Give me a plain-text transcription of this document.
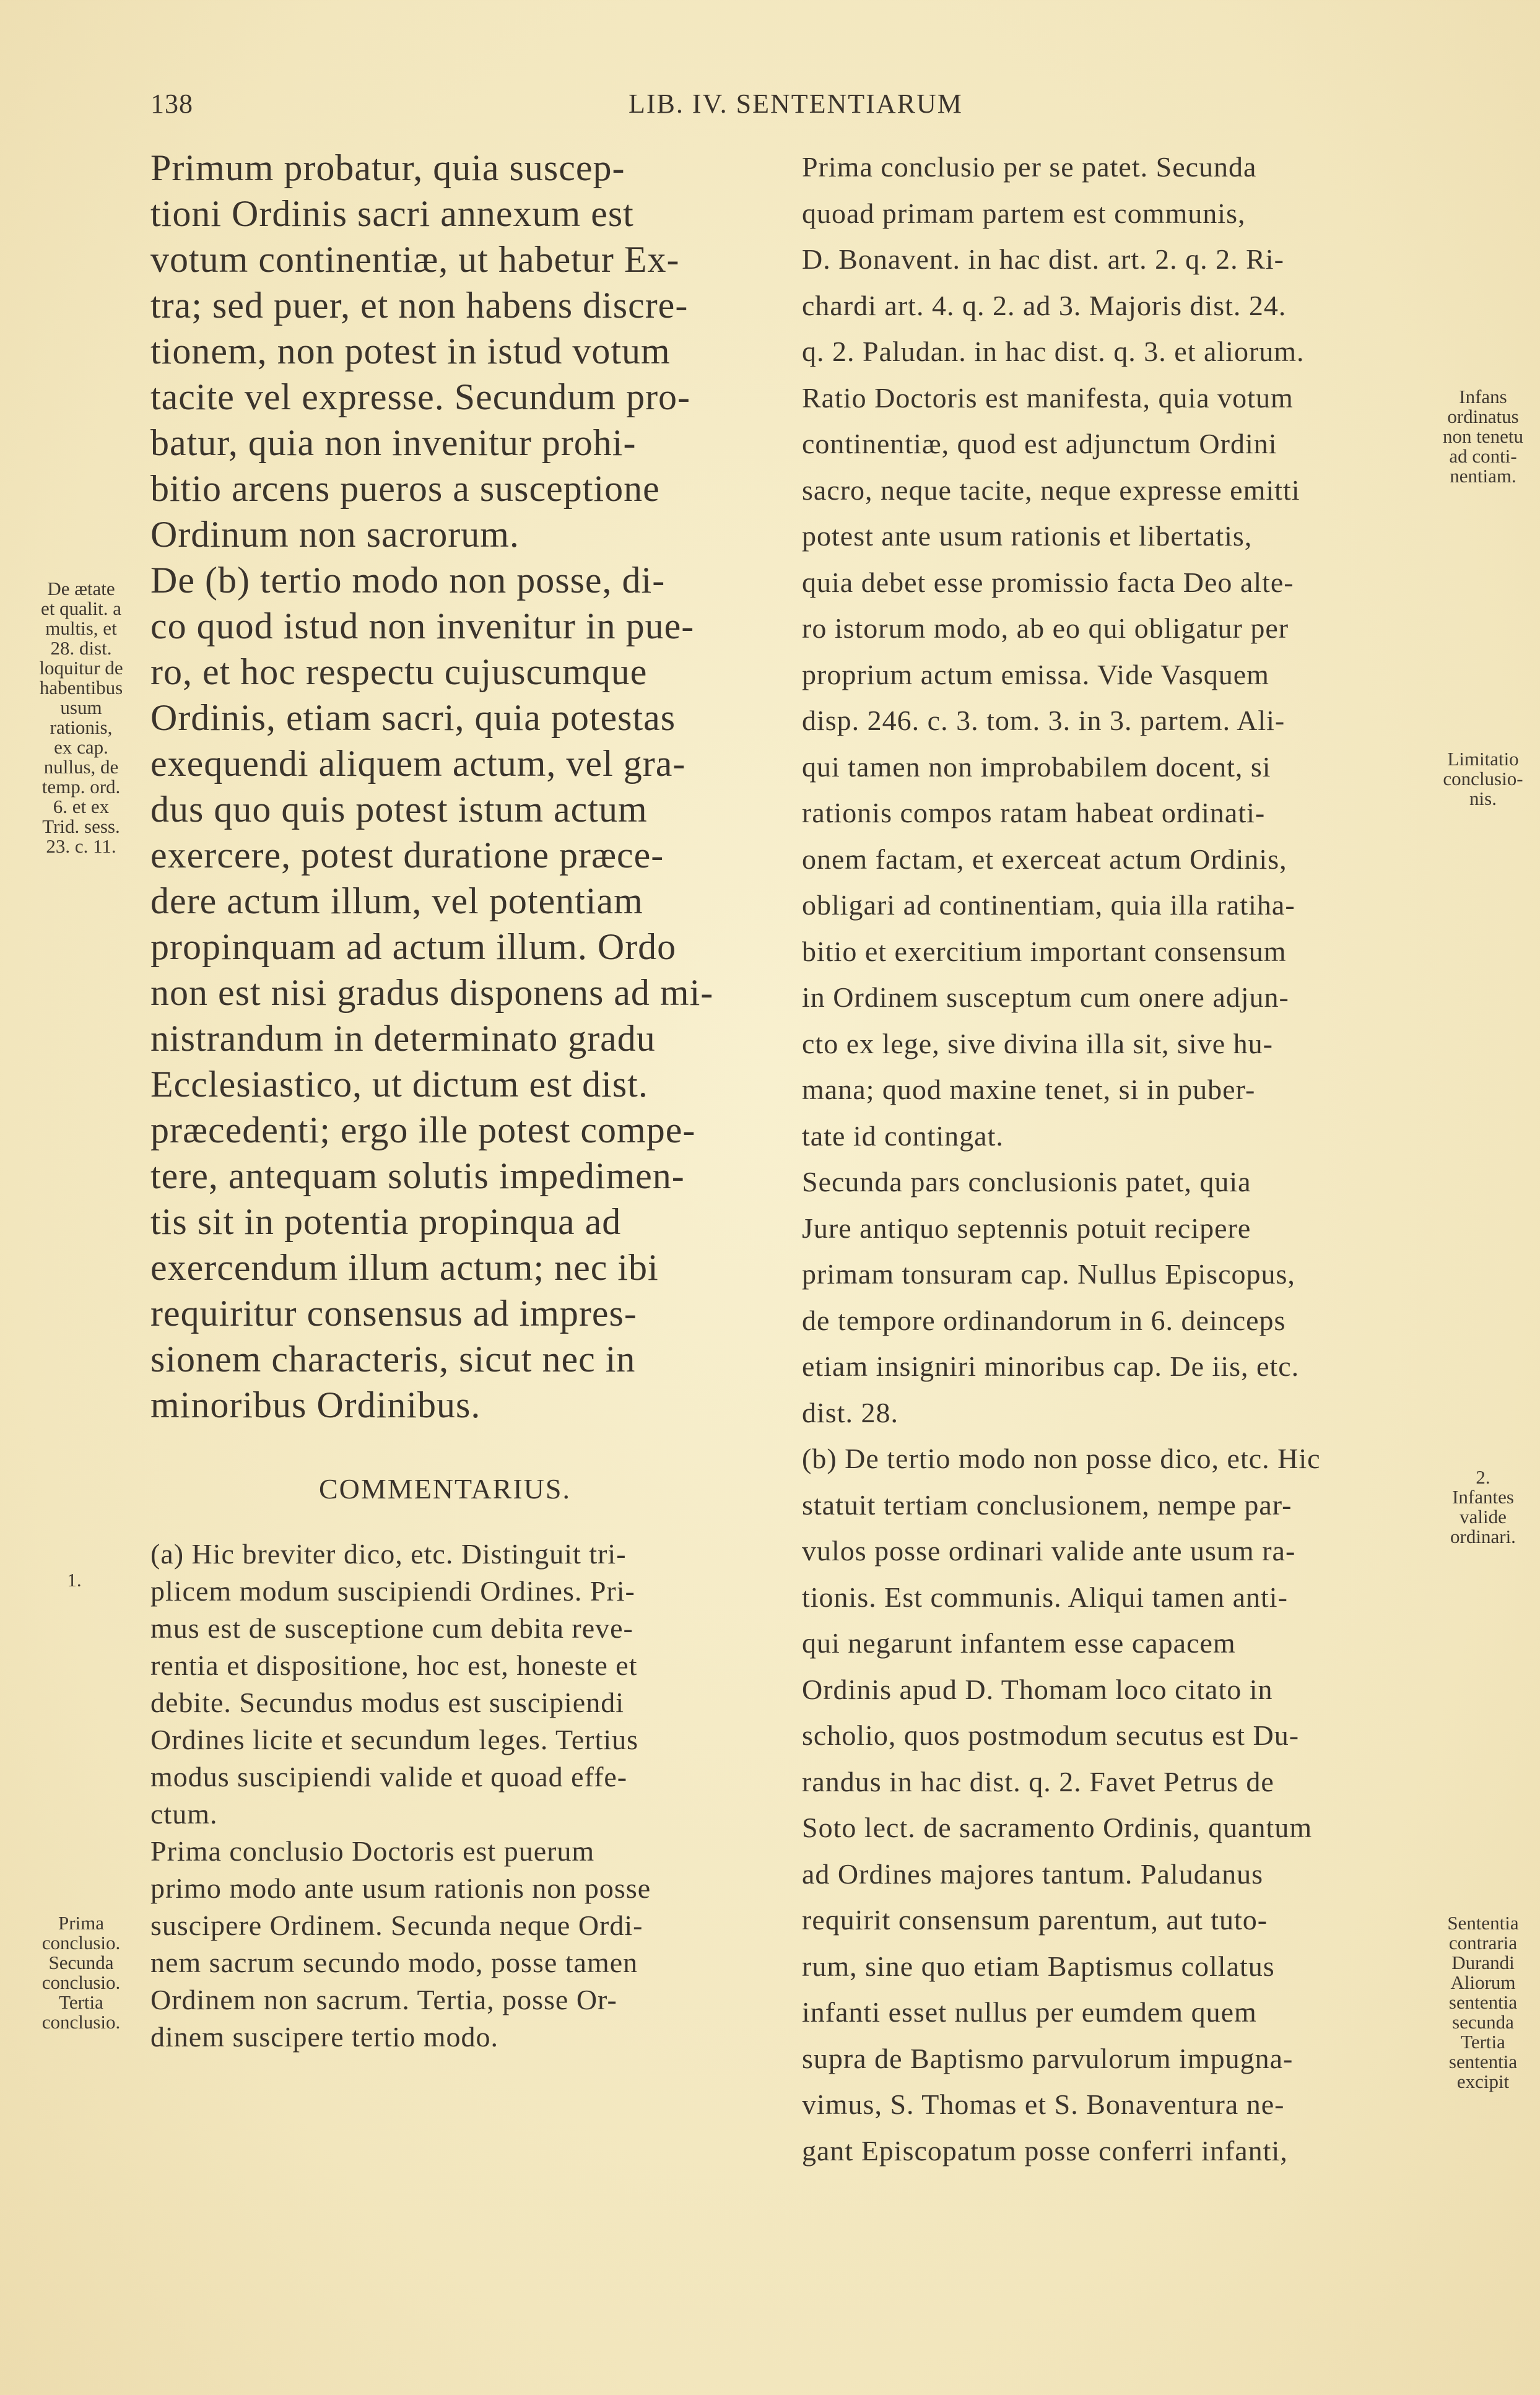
138	LIB. IV. SENTENTIARUM
Primum probatur, quia suscep-
tioni Ordinis sacri annexum est
votum continentiæ, ut habetur Ex-
tra; sed puer, et non habens discre-
tionem, non potest in istud votum
tacite vel expresse. Secundum pro-
batur, quia non invenitur prohi-
bitio arcens pueros a susceptione
Ordinum non sacrorum.
De (b) tertio modo non posse, di-
co quod istud non invenitur in pue-
ro, et hoc respectu cujuscumque
Ordinis, etiam sacri, quia potestas
exequendi aliquem actum, vel gra-
dus quo quis potest istum actum
exercere, potest duratione præce-
dere actum illum, vel potentiam
propinquam ad actum illum. Ordo
non est nisi gradus disponens ad mi-
nistrandum in determinato gradu
Ecclesiastico, ut dictum est dist.
præcedenti; ergo ille potest compe-
tere, antequam solutis impedimen-
tis sit in potentia propinqua ad
exercendum illum actum; nec ibi
requiritur consensus ad impres-
sionem characteris, sicut nec in
minoribus Ordinibus.
COMMENTARIUS.
(a) Hic breviter dico, etc. Distinguit tri-
plicem modum suscipiendi Ordines. Pri-
mus est de susceptione cum debita reve-
rentia et dispositione, hoc est, honeste et
debite. Secundus modus est suscipiendi
Ordines licite et secundum leges. Tertius
modus suscipiendi valide et quoad effe-
ctum.
Prima conclusio Doctoris est puerum
primo modo ante usum rationis non posse
suscipere Ordinem. Secunda neque Ordi-
nem sacrum secundo modo, posse tamen
Ordinem non sacrum. Tertia, posse Or-
dinem suscipere tertio modo.
Prima conclusio per se patet. Secunda
quoad primam partem est communis,
D. Bonavent. in hac dist. art. 2. q. 2. Ri-
chardi art. 4. q. 2. ad 3. Majoris dist. 24.
q. 2. Paludan. in hac dist. q. 3. et aliorum.
Ratio Doctoris est manifesta, quia votum
continentiæ, quod est adjunctum Ordini
sacro, neque tacite, neque expresse emitti
potest ante usum rationis et libertatis,
quia debet esse promissio facta Deo alte-
ro istorum modo, ab eo qui obligatur per
proprium actum emissa. Vide Vasquem
disp. 246. c. 3. tom. 3. in 3. partem. Ali-
qui tamen non improbabilem docent, si
rationis compos ratam habeat ordinati-
onem factam, et exerceat actum Ordinis,
obligari ad continentiam, quia illa ratiha-
bitio et exercitium important consensum
in Ordinem susceptum cum onere adjun-
cto ex lege, sive divina illa sit, sive hu-
mana; quod maxine tenet, si in puber-
tate id contingat.
Secunda pars conclusionis patet, quia
Jure antiquo septennis potuit recipere
primam tonsuram cap. Nullus Episcopus,
de tempore ordinandorum in 6. deinceps
etiam insigniri minoribus cap. De iis, etc.
dist. 28.
(b) De tertio modo non posse dico, etc. Hic
statuit tertiam conclusionem, nempe par-
vulos posse ordinari valide ante usum ra-
tionis. Est communis. Aliqui tamen anti-
qui negarunt infantem esse capacem
Ordinis apud D. Thomam loco citato in
scholio, quos postmodum secutus est Du-
randus in hac dist. q. 2. Favet Petrus de
Soto lect. de sacramento Ordinis, quantum
ad Ordines majores tantum. Paludanus
requirit consensum parentum, aut tuto-
rum, sine quo etiam Baptismus collatus
infanti esset nullus per eumdem quem
supra de Baptismo parvulorum impugna-
vimus, S. Thomas et S. Bonaventura ne-
gant Episcopatum posse conferri infanti,
De ætate
et qualit. a
multis, et
28. dist.
loquitur de
habentibus
usum
rationis,
ex cap.
nullus, de
temp. ord.
6. et ex
Trid. sess.
23. c. 11.
1.
Prima
conclusio.
Secunda
conclusio.
Tertia
conclusio.
Infans
ordinatus
non tenetu
ad conti-
nentiam.
Limitatio
conclusio-
nis.
2.
Infantes
valide
ordinari.
Sententia
contraria
Durandi
Aliorum
sententia
secunda
Tertia
sententia
excipit
